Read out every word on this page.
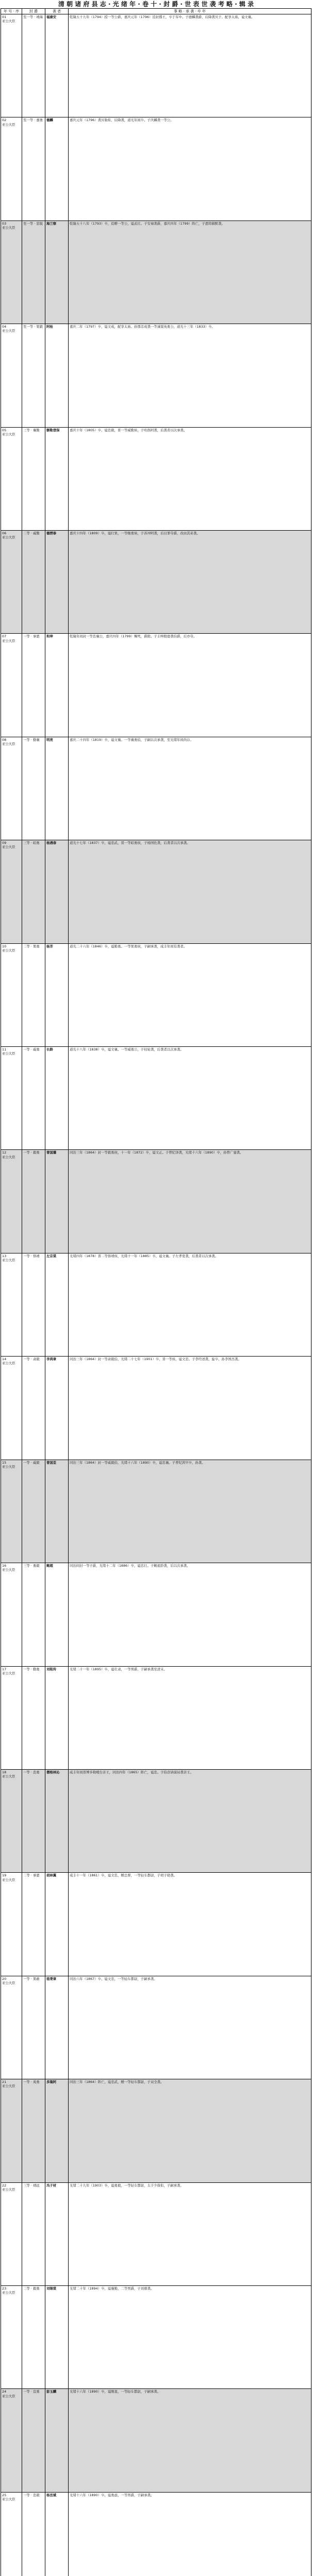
清 朝 诸 府 县 志 · 光 绪 年 · 卷 十 · 封 爵 · 世 表 世 袭 考 略 · 辑 录
年 号 · 序	封 爵	袭 者	事 略 · 承 袭 · 卒 年
01
亚公大臣	至一等 · 靖海	福康安	乾隆五十九年（1794）授一等公爵，嘉庆元年（1796）追封郡王，卒于军中。子德麟袭爵，后降袭贝子。配享太庙，谥文襄。

02
亚公大臣	至一等 · 嘉勇	德麟	嘉庆元年（1796）袭贝勒衔，后降袭，道光年间卒。子庆麟袭一等公。

03
亚公大臣	至一等 · 忠锐	海兰察	乾隆五十八年（1793）卒，追赠一等公，谥武壮。子安禄袭爵，嘉庆四年（1799）阵亡，子恩特赫默袭。

04
亚公大臣	至一等 · 果毅	阿桂	嘉庆二年（1797）卒，谥文成，配享太庙。孙那彦成袭一等诚谋英勇公，道光十三年（1833）卒。

05
亚公大臣	三等 · 襄勤	额勒登保	嘉庆十年（1805）卒，谥忠毅，晋一等威勤侯，子哈郎阿袭，后袭者以次承袭。

06
亚公大臣	二等 · 威勤	德楞泰	嘉庆十四年（1809）卒，谥壮果，一等继勇侯，子苏冲阿袭，后以罪夺爵，改由其弟袭。

07
亚公大臣	一等 · 承恩	和珅	乾隆年间封一等忠襄公，嘉庆四年（1799）赐死，爵除。子丰绅殷德袭伯爵，后亦夺。

08
亚公大臣	一等 · 勤襄	明亮	嘉庆二十四年（1819）卒，谥文襄。一等襄勇伯，子嗣以次承袭，至光绪年间尚存。

09
亚公大臣	三等 · 昭勇	杨遇春	道光十七年（1837）卒，谥忠武，晋一等昭勇侯，子杨国佐袭，后袭者以次承袭。

10
亚公大臣	二等 · 果勇	杨芳	道光二十六年（1846）卒，谥勤勇。一等果勇侯，子嗣承袭，咸丰年间有袭者。

11
亚公大臣	一等 · 威勇	长龄	道光十八年（1838）卒，谥文襄。一等威勇公，子桂轮袭，后袭者以次承袭。

12
亚公大臣	一等 · 毅勇	曾国藩	同治三年（1864）封一等毅勇侯，十一年（1872）卒，谥文正。子曾纪泽袭，光绪十六年（1890）卒，孙曾广銮袭。

13
亚公大臣	一等 · 恪靖	左宗棠	光绪四年（1878）晋二等恪靖侯，光绪十一年（1885）卒，谥文襄。子左孝宽袭，后袭者以次承袭。

14
亚公大臣	一等 · 肃毅	李鸿章	同治三年（1864）封一等肃毅伯，光绪二十七年（1901）卒，晋一等侯，谥文忠。子李经述袭，旋卒，孙李国杰袭。

15
亚公大臣	一等 · 威毅	曾国荃	同治三年（1864）封一等威毅伯，光绪十六年（1890）卒，谥忠襄。子曾纪鸿早卒，孙袭。

16
亚公大臣	三等 · 勇毅	鲍超	同治间封一等子爵，光绪十二年（1886）卒，谥忠壮。子鲍祖龄袭，后以次承袭。

17
亚公大臣	一等 · 勤勇	刘铭传	光绪二十一年（1895）卒，谥壮肃，一等男爵，子嗣承袭至清末。

18
亚公大臣	一等 · 忠勇	僧格林沁	咸丰年间晋博多勒噶台亲王，同治四年（1865）阵亡，谥忠。子伯彦讷谟祜袭亲王。

19
亚公大臣	二等 · 承恩	胡林翼	咸丰十一年（1861）卒，谥文忠，赠总督，一等轻车都尉，子胡子勋袭。

20
亚公大臣	一等 · 果敢	骆秉章	同治六年（1867）卒，谥文忠，一等轻车都尉，子嗣承袭。

21
亚公大臣	一等 · 英勇	多隆阿	同治三年（1864）阵亡，谥忠武，赠一等轻车都尉，子双全袭。

22
亚公大臣	三等 · 靖远	冯子材	光绪二十九年（1903）卒，谥勇毅，一等轻车都尉，太子少保衔，子嗣承袭。

23
亚公大臣	二等 · 毅勇	刘锦棠	光绪二十年（1894）卒，谥襄勤，二等男爵，子刘鼎袭。

24
亚公大臣	一等 · 宣勇	彭玉麟	光绪十六年（1890）卒，谥刚直，一等轻车都尉，子嗣承袭。

25
亚公大臣	一等 · 忠毅	杨岳斌	光绪十六年（1890）卒，谥勇悫，一等男爵，子嗣承袭。
